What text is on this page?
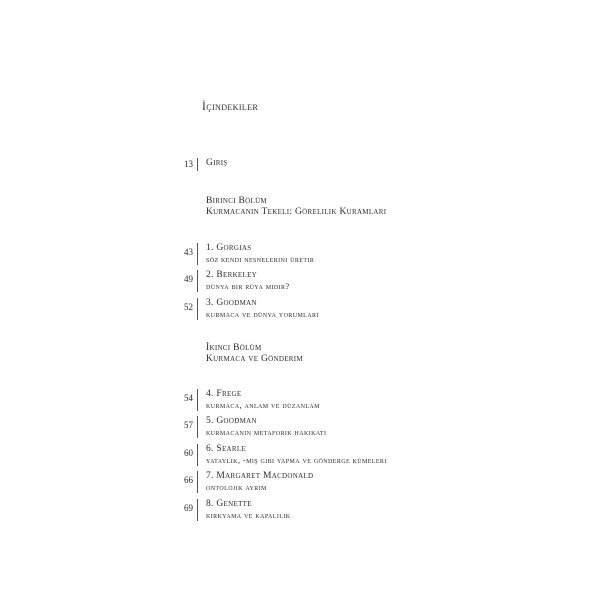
İçindekiler
13 Giriş
Birinci Bölüm
Kurmacanin Tekeli: Görelilik Kuramlari
43 1. Gorgias
söz kendi nesnelerini üretir
49 2. Berkeley
dünya bir rüya midir?
52 3. Goodman
kurmaca ve dünya yorumlari
İkinci Bölüm
Kurmaca ve Gönderim
54 4. Frege
kurmaca, anlam ve düzanlam
57 5. Goodman
kurmacanin metaforik hakikati
60 6. Searle
yataylik, -miş gibi yapma ve gönderge kümeleri
66 7. Margaret Macdonald
ontolojik ayrim
69 8. Genette
kirkyama ve kapalilik
